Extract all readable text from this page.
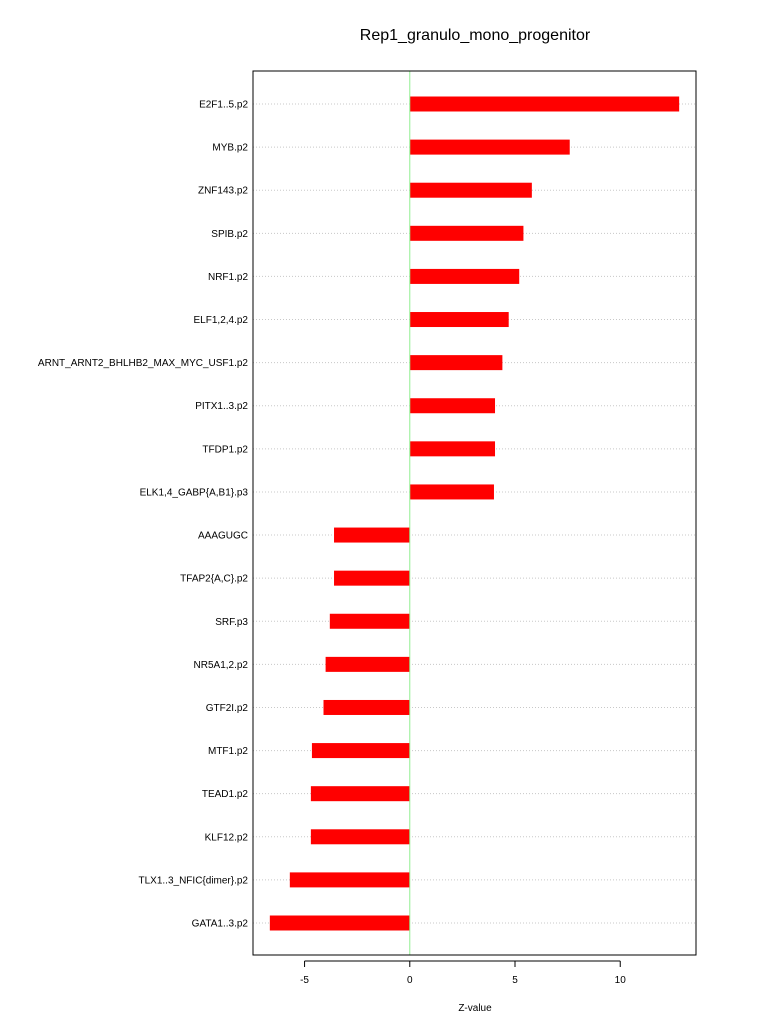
Rep1_granulo_mono_progenitor
E2F1..5.p2
MYB.p2
ZNF143.p2
SPIB.p2
NRF1.p2
ELF1,2,4.p2
ARNT_ARNT2_BHLHB2_MAX_MYC_USF1.p2
PITX1..3.p2
TFDP1.p2
ELK1,4_GABP{A,B1}.p3
AAAGUGC
TFAP2{A,C}.p2
SRF.p3
NR5A1,2.p2
GTF2I.p2
MTF1.p2
TEAD1.p2
KLF12.p2
TLX1..3_NFIC{dimer}.p2
GATA1..3.p2
-5	0	5	10
Z-value
